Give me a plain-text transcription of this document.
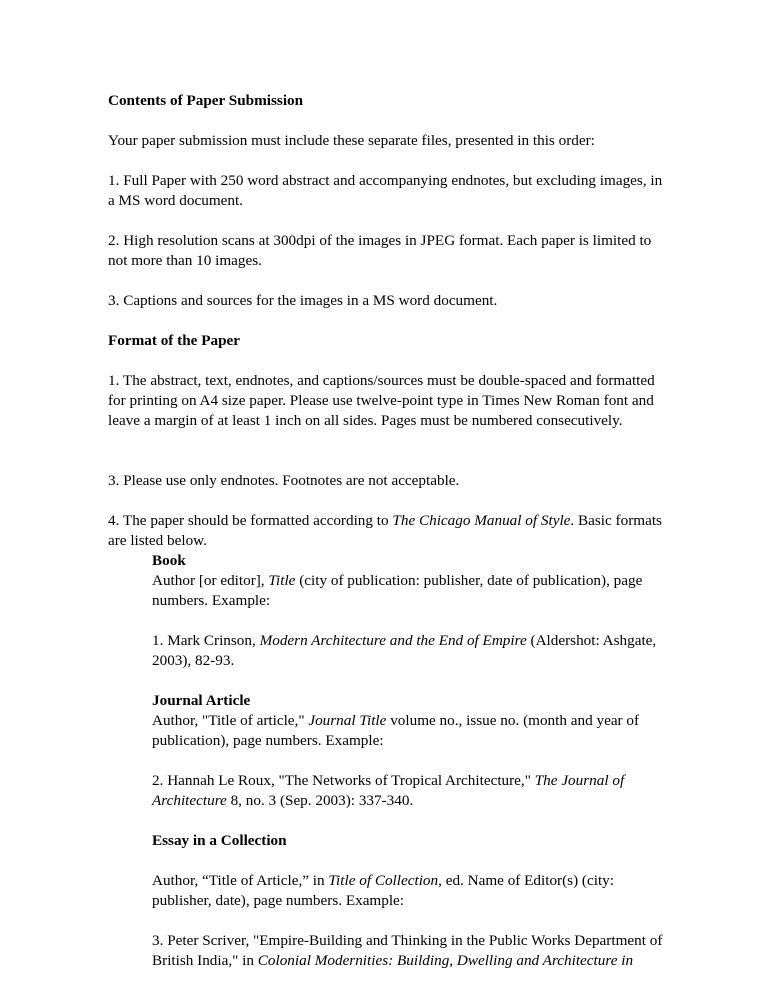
Contents of Paper Submission

Your paper submission must include these separate files, presented in this order:

1. Full Paper with 250 word abstract and accompanying endnotes, but excluding images, in a MS word document.

2. High resolution scans at 300dpi of the images in JPEG format. Each paper is limited to not more than 10 images.

3. Captions and sources for the images in a MS word document.

Format of the Paper

1. The abstract, text, endnotes, and captions/sources must be double-spaced and formatted for printing on A4 size paper. Please use twelve-point type in Times New Roman font and leave a margin of at least 1 inch on all sides. Pages must be numbered consecutively.

3. Please use only endnotes. Footnotes are not acceptable.

4. The paper should be formatted according to The Chicago Manual of Style. Basic formats are listed below.

Book
Author [or editor], Title (city of publication: publisher, date of publication), page numbers. Example:

1. Mark Crinson, Modern Architecture and the End of Empire (Aldershot: Ashgate, 2003), 82-93.

Journal Article
Author, "Title of article," Journal Title volume no., issue no. (month and year of publication), page numbers. Example:

2. Hannah Le Roux, "The Networks of Tropical Architecture," The Journal of Architecture 8, no. 3 (Sep. 2003): 337-340.

Essay in a Collection

Author, “Title of Article,” in Title of Collection, ed. Name of Editor(s) (city: publisher, date), page numbers. Example:

3. Peter Scriver, "Empire-Building and Thinking in the Public Works Department of British India," in Colonial Modernities: Building, Dwelling and Architecture in
